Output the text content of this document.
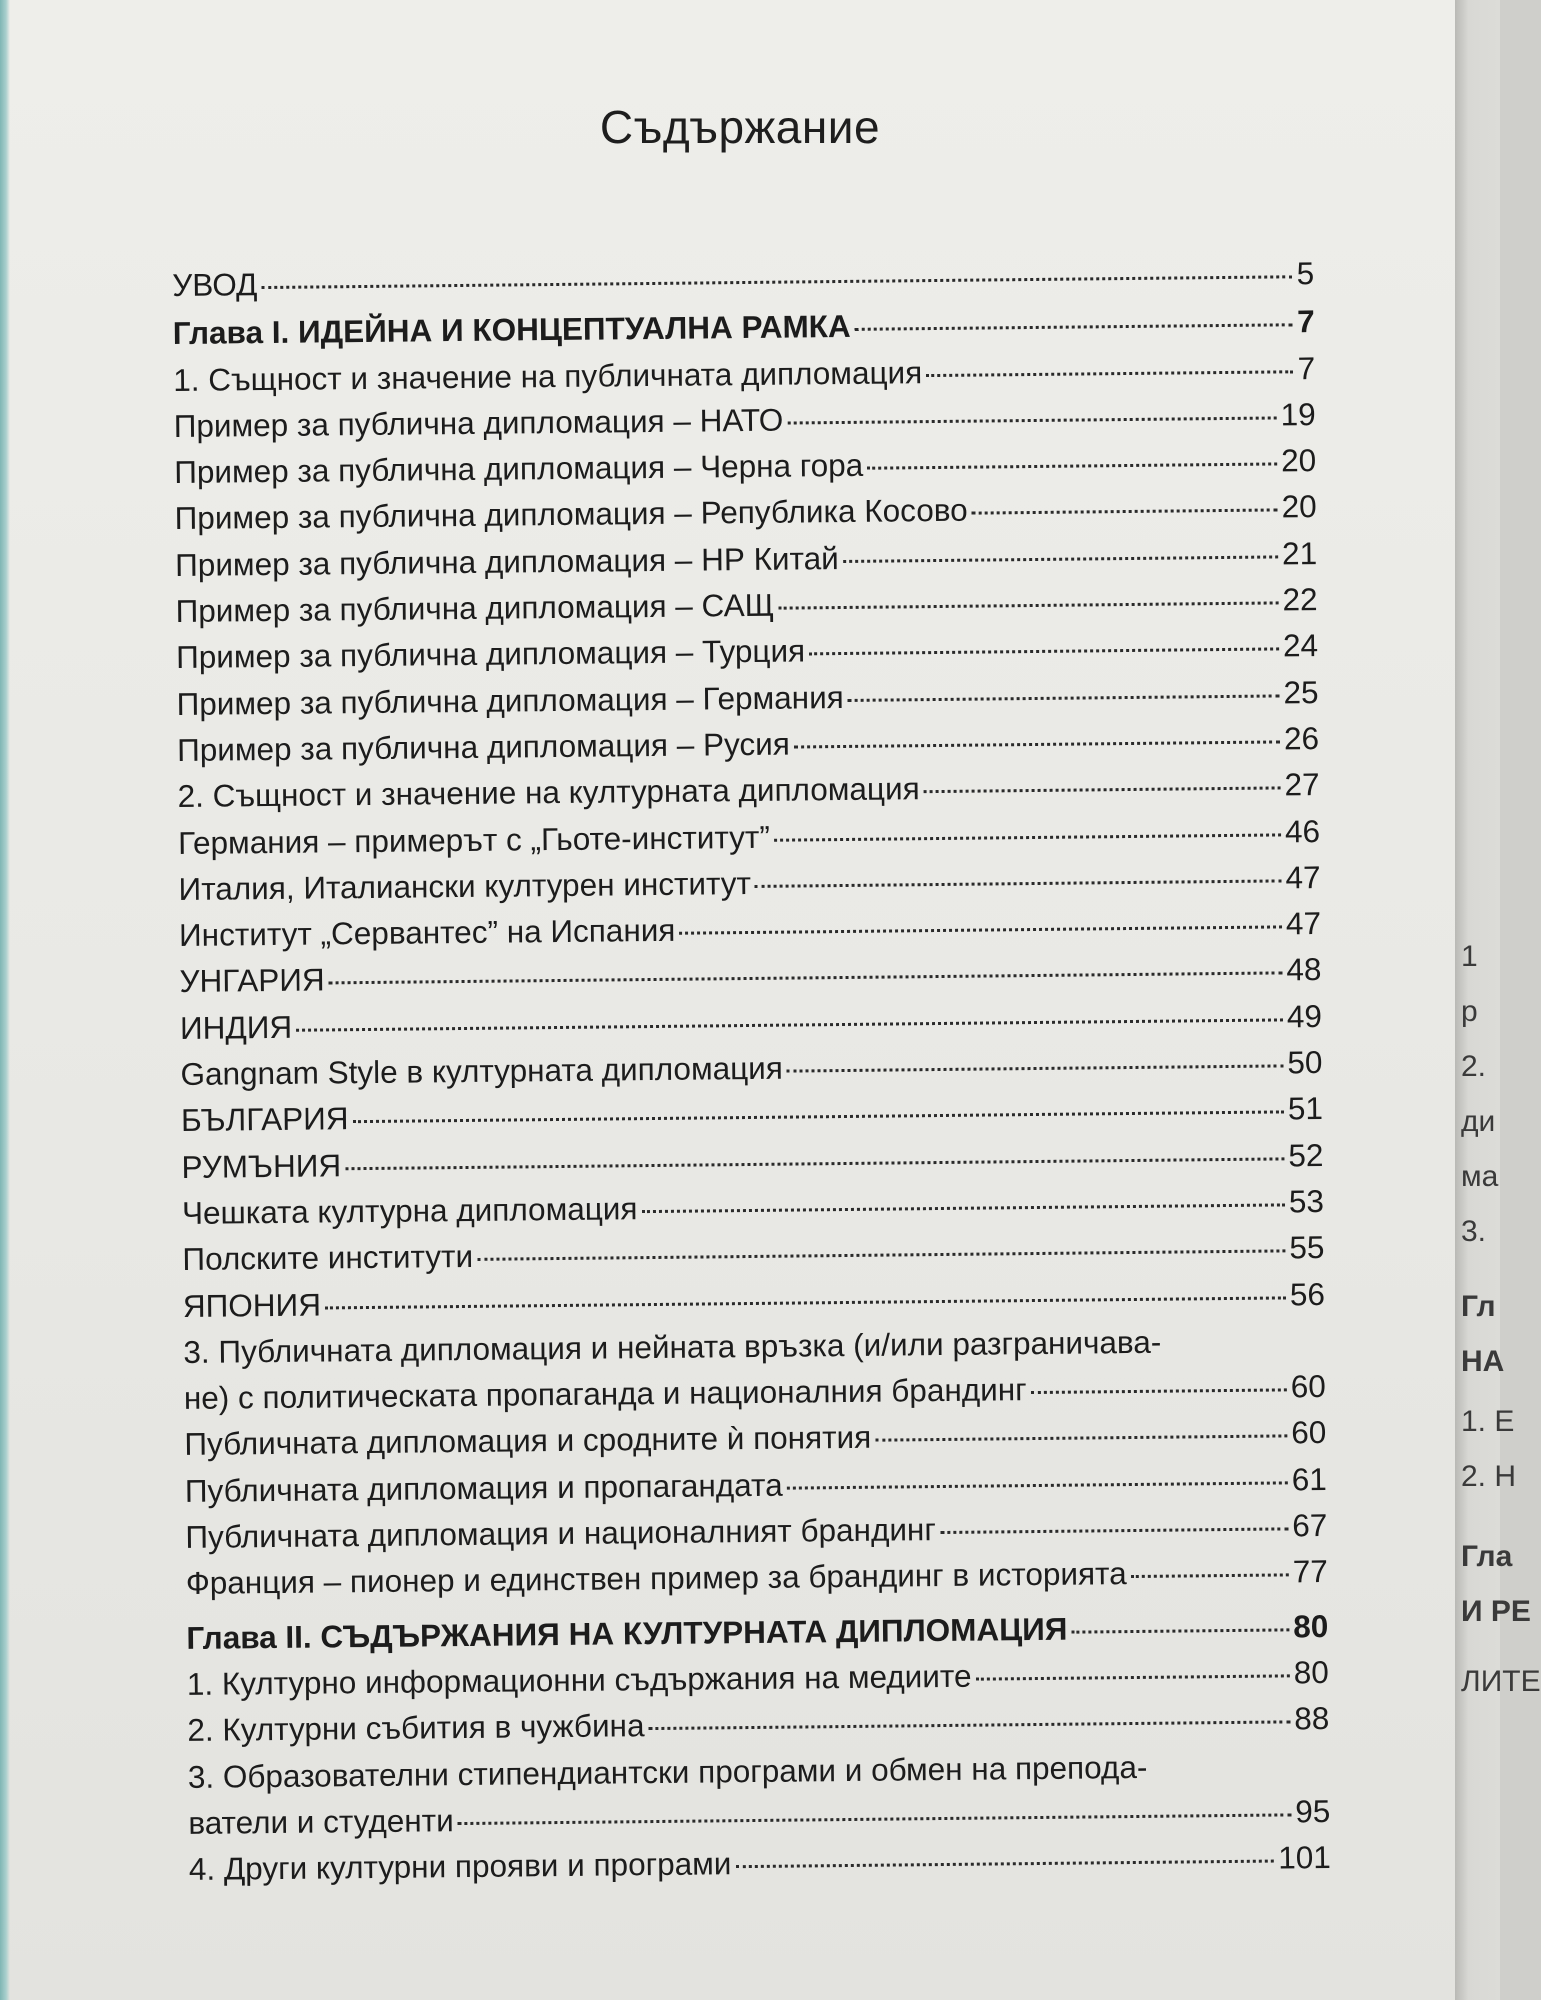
Съдържание
УВОД	5
Глава I. ИДЕЙНА И КОНЦЕПТУАЛНА РАМКА	7
1. Същност и значение на публичната дипломация	7
Пример за публична дипломация – НАТО	19
Пример за публична дипломация – Черна гора	20
Пример за публична дипломация – Република Косово	20
Пример за публична дипломация – НР Китай	21
Пример за публична дипломация – САЩ	22
Пример за публична дипломация – Турция	24
Пример за публична дипломация – Германия	25
Пример за публична дипломация – Русия	26
2. Същност и значение на културната дипломация	27
Германия – примерът с „Гьоте-институт”	46
Италия, Италиански културен институт	47
Институт „Сервантес” на Испания	47
УНГАРИЯ	48
ИНДИЯ	49
Gangnam Style в културната дипломация	50
БЪЛГАРИЯ	51
РУМЪНИЯ	52
Чешката културна дипломация	53
Полските институти	55
ЯПОНИЯ	56
3. Публичната дипломация и нейната връзка (и/или разграничава-
не) с политическата пропаганда и националния брандинг	60
Публичната дипломация и сродните ѝ понятия	60
Публичната дипломация и пропагандата	61
Публичната дипломация и националният брандинг	67
Франция – пионер и единствен пример за брандинг в историята	77
Глава II. СЪДЪРЖАНИЯ НА КУЛТУРНАТА ДИПЛОМАЦИЯ	80
1. Културно информационни съдържания на медиите	80
2. Културни събития в чужбина	88
3. Образователни стипендиантски програми и обмен на препода-
ватели и студенти	95
4. Други културни прояви и програми	101
1
р
2.
ди
ма
3.
Гл
НА
1. Е
2. Н
Гла
И РЕ
ЛИТЕ
